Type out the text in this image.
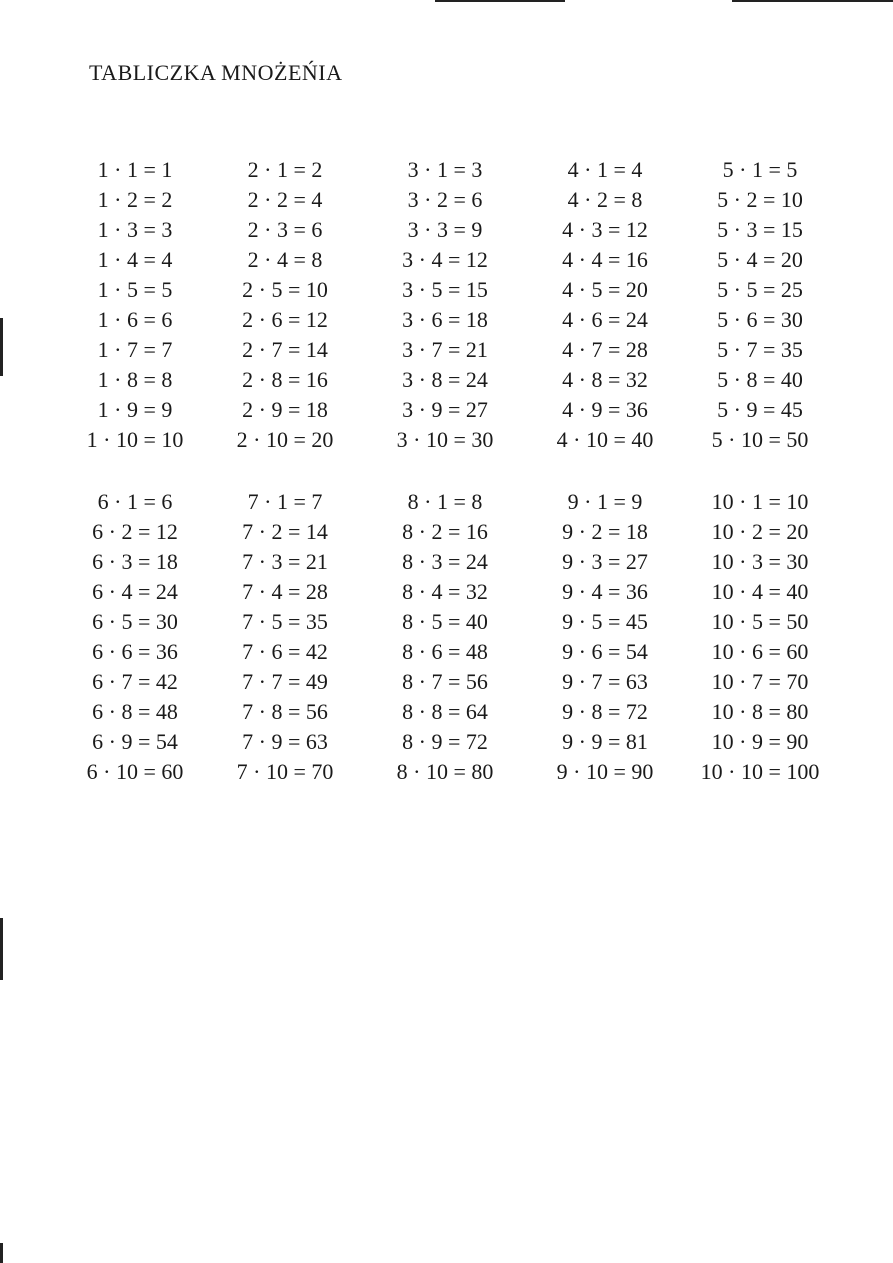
TABLICZKA MNOŻEŃIA
1 · 1 = 1
1 · 2 = 2
1 · 3 = 3
1 · 4 = 4
1 · 5 = 5
1 · 6 = 6
1 · 7 = 7
1 · 8 = 8
1 · 9 = 9
1 · 10 = 10
2 · 1 = 2
2 · 2 = 4
2 · 3 = 6
2 · 4 = 8
2 · 5 = 10
2 · 6 = 12
2 · 7 = 14
2 · 8 = 16
2 · 9 = 18
2 · 10 = 20
3 · 1 = 3
3 · 2 = 6
3 · 3 = 9
3 · 4 = 12
3 · 5 = 15
3 · 6 = 18
3 · 7 = 21
3 · 8 = 24
3 · 9 = 27
3 · 10 = 30
4 · 1 = 4
4 · 2 = 8
4 · 3 = 12
4 · 4 = 16
4 · 5 = 20
4 · 6 = 24
4 · 7 = 28
4 · 8 = 32
4 · 9 = 36
4 · 10 = 40
5 · 1 = 5
5 · 2 = 10
5 · 3 = 15
5 · 4 = 20
5 · 5 = 25
5 · 6 = 30
5 · 7 = 35
5 · 8 = 40
5 · 9 = 45
5 · 10 = 50
6 · 1 = 6
6 · 2 = 12
6 · 3 = 18
6 · 4 = 24
6 · 5 = 30
6 · 6 = 36
6 · 7 = 42
6 · 8 = 48
6 · 9 = 54
6 · 10 = 60
7 · 1 = 7
7 · 2 = 14
7 · 3 = 21
7 · 4 = 28
7 · 5 = 35
7 · 6 = 42
7 · 7 = 49
7 · 8 = 56
7 · 9 = 63
7 · 10 = 70
8 · 1 = 8
8 · 2 = 16
8 · 3 = 24
8 · 4 = 32
8 · 5 = 40
8 · 6 = 48
8 · 7 = 56
8 · 8 = 64
8 · 9 = 72
8 · 10 = 80
9 · 1 = 9
9 · 2 = 18
9 · 3 = 27
9 · 4 = 36
9 · 5 = 45
9 · 6 = 54
9 · 7 = 63
9 · 8 = 72
9 · 9 = 81
9 · 10 = 90
10 · 1 = 10
10 · 2 = 20
10 · 3 = 30
10 · 4 = 40
10 · 5 = 50
10 · 6 = 60
10 · 7 = 70
10 · 8 = 80
10 · 9 = 90
10 · 10 = 100
